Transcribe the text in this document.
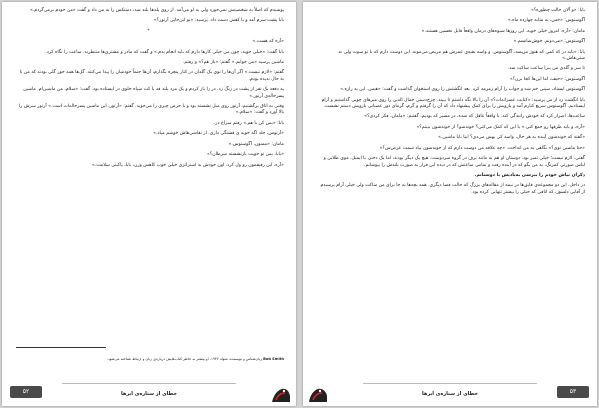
پوشیدم که اصلاً به شخصیتش نمی‌خورد ولی به او می‌آمد. از روی پله‌ها بلند شد، دستکش را به من داد و گفت «من خودم برمی‌گردم.»

بابا پشت سرم آمد و با کفش دست داد. پرسید: «تو این‌جایی آرتور؟»

*

«آره که هست.»

بابا گفت: «خیلی خوبه، چون من خیلی کارها دارم که باید انجام بدم.» و گفت که مادر و مشتری‌ها منتظرند. ساعت را نگاه کرد.

ماشین پرسید «من خوابم.» گفتم: «باز هم؟» و رفتم.

گفتم: «لازم نیست.» اگر آن‌ها را توی یک گلدان در کنار پنجره بگذارم، آن‌ها حتماً خودشان را پیدا می‌کنند. گل‌ها همه‌ جور گلی بودند که من تا به حال ندیده بودم.

یه دفعه یک نفر از پشت در زنگ زد. در را باز کردم و یک مرد بلند قد با کت سیاه جلوی در ایستاده بود. گفت: «سلام، من ماشین‌ام. ماشین پسرخاله‌ی آرتور.»

وقتی به اتاق برگشتیم، آرتور روی مبل نشسته بود و با حرص چیزی را می‌جوید. گفتم: «آرتور، این ماشین پسرخاله‌ات است.» آرتور سرش را بالا آورد و گفت: «سلام.»

بابا: «بس کن با هم.» رفتم سراغ در.

«آرتوس، جلد اگه خوبه ی قشنگی داری. از نقاشی‌هاش خوشم میاد.»

مامان: «ممنون، آگوستوس.»

«بابا، بس تو خوبت بازنشسته سرطان؟»

«آره، این رفیقمون رو ول کرد. اون خودش به استراتژی خیلی خوب کاهش وزن، بابا، پاکیتی سلامت.»

Bob Smith زبان‌شناس و نویسنده، متولد ۱۹۳۶. او بیشتر به خاطر کتاب‌هایش درباره‌ی زبان و ارتباط شناخته می‌شود.
خطای از ستاره‌ی ابرها
۵۲

بابا: «و آلان حالت چطوره؟»

آگوستوس: «حس، به مثابه چهارده ماه.»

مامان: «آره. امروز خیلی خوبه. این روزها شیوه‌های درمان واقعاً قابل تحسین هستند.»

آگوستوس: «می‌دونم. خوش‌شانسم.»

بابا: «باید در که کمی که هنوز مریضه، آگوستوس. و واسه بقیه‌ی عمرش هم مریض می‌مونه. این دوست دارم که با تو سوت ولی نه شتی‌هاش.»

تا سر و گلدی من بیرا ساعت ساکت شد.

آگوستوس: «حیف، اما این‌ها کجا برن؟»

آگوستوس ایستاد، سینی خم شد و جواب را آرام زمزمه کرد. بعد انگشتش را روی استخوان گذاشت و گفت: «هیس. این یه رازه.»

بابا انگشت زد از من پرسید: «کتابت عصرانه‌ات؟» آن را بالا نگه داشتم تا ببیند. چرخ‌دستی جمال الدین را روی میزهای چوبی گذاشتیم و آرام ایستادیم. آگوستوس سریع کنارم آمد و بازویش را برای کمک پیشنهاد داد که آن را گرفتم و گرم، گرمای دور عصبانی بازویش دستم نشست.

ساعت‌ها، اصرار کرد که خودش رانندگی کند. با واقعاً عاقل که شده، در مسیر که بودیم، گفتیم: «مامان، فکر کردی؟»

«آره، و باید ظرفها رو جمع کنی.» یا این که کمک می‌کنی؟ خونه‌شو؟ از خونه‌شون ببینم؟»

«گفته که خونه‌شون آینده به هر حال، واسه کی بهش می‌دی؟ اینا بابا ماشین.»

«حتا ماشین توی؟» نگاهی به من انداخت. «چه علاقه من دوست دارم که از خونه‌شون بیاد سمت عرض‌س؟»

گفتی. لازم نیست؛ خیلی تمیز بود. دوستان او هم به مانند برف در گروه سردوست. هیچ یک دیگر بودند، اما یک دختر، با ایمیل، موی طلایی و لباس صورتی کمرنگ، به من بگو که در آینده رفت و تمامی ساعتش که در دیده این قرار به صورت بلندش را بپوشانم.

ذکران نیاش خودم را ببرسی به‌یادیش با دوستانم.

در داخل، این دو مجموعه‌ی قایق‌ها در نیمه از مقاله‌های بزرگ که حالت فضا دیگری. همه بچه‌ها به جا برای من ساکت ولی خیلی آرام پرسیدم از آقایی دلسوز، که اتاقی که خیلی را بیشتر تنهایی کرده بود.

خطای از ستاره‌ی ابرها	۵۳
